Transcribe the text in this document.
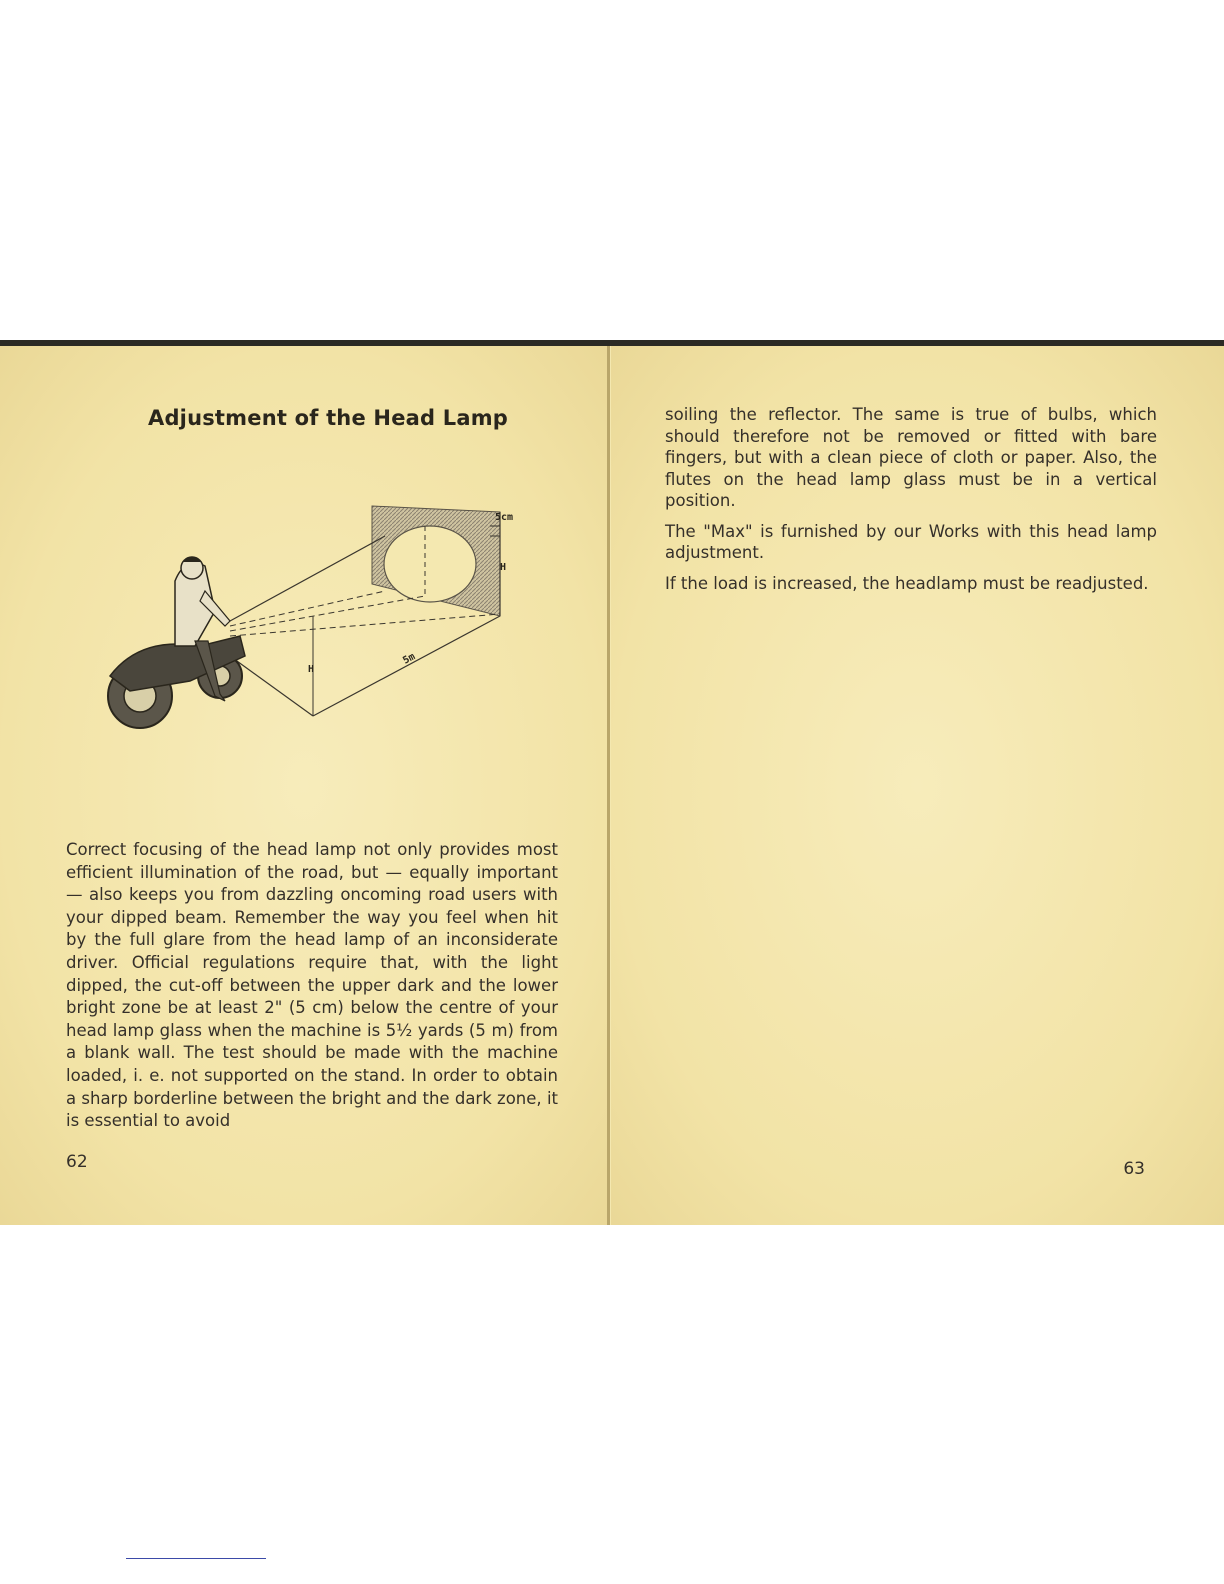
Adjustment of the Head Lamp
5cm
H
H
5m

Correct focusing of the head lamp not only provides most efficient illumination of the road, but — equally important — also keeps you from dazzling oncoming road users with your dipped beam. Remember the way you feel when hit by the full glare from the head lamp of an inconsiderate driver. Official regulations require that, with the light dipped, the cut-off between the upper dark and the lower bright zone be at least 2" (5 cm) below the centre of your head lamp glass when the machine is 5½ yards (5 m) from a blank wall. The test should be made with the machine loaded, i. e. not supported on the stand. In order to obtain a sharp borderline between the bright and the dark zone, it is essential to avoid

62

soiling the reflector. The same is true of bulbs, which should therefore not be removed or fitted with bare fingers, but with a clean piece of cloth or paper. Also, the flutes on the head lamp glass must be in a vertical position.

The "Max" is furnished by our Works with this head lamp adjustment.

If the load is increased, the headlamp must be readjusted.

63
